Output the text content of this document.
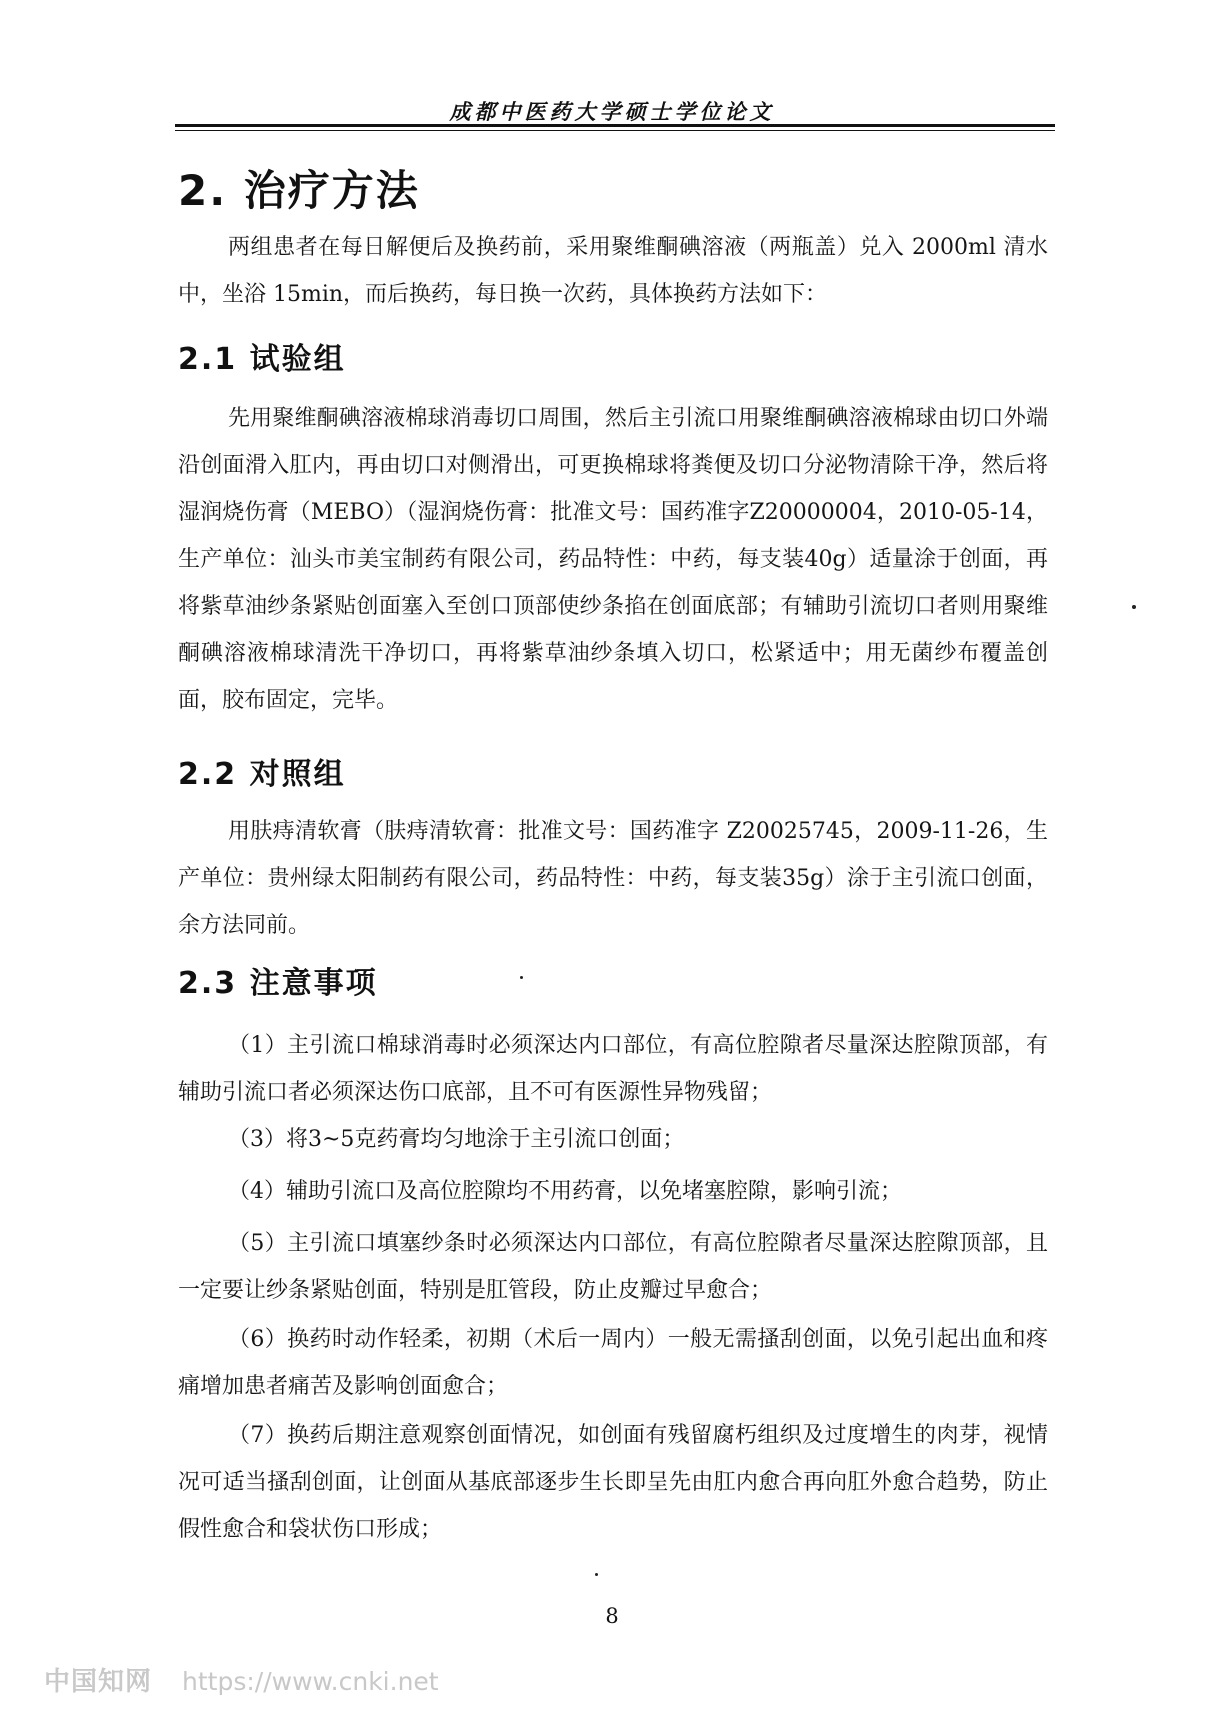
成都中医药大学硕士学位论文
2. 治疗方法

两组患者在每日解便后及换药前，采用聚维酮碘溶液（两瓶盖）兑入 2000ml 清水中，坐浴 15min，而后换药，每日换一次药，具体换药方法如下：

2.1 试验组

先用聚维酮碘溶液棉球消毒切口周围，然后主引流口用聚维酮碘溶液棉球由切口外端沿创面滑入肛内，再由切口对侧滑出，可更换棉球将粪便及切口分泌物清除干净，然后将湿润烧伤膏（MEBO）（湿润烧伤膏：批准文号：国药准字Z20000004，2010-05-14，生产单位：汕头市美宝制药有限公司，药品特性：中药，每支装40g）适量涂于创面，再将紫草油纱条紧贴创面塞入至创口顶部使纱条掐在创面底部；有辅助引流切口者则用聚维酮碘溶液棉球清洗干净切口，再将紫草油纱条填入切口，松紧适中；用无菌纱布覆盖创面，胶布固定，完毕。

2.2 对照组

用肤痔清软膏（肤痔清软膏：批准文号：国药准字 Z20025745，2009-11-26，生产单位：贵州绿太阳制药有限公司，药品特性：中药，每支装35g）涂于主引流口创面，余方法同前。

2.3 注意事项

（1）主引流口棉球消毒时必须深达内口部位，有高位腔隙者尽量深达腔隙顶部，有辅助引流口者必须深达伤口底部，且不可有医源性异物残留；

（3）将3~5克药膏均匀地涂于主引流口创面；

（4）辅助引流口及高位腔隙均不用药膏，以免堵塞腔隙，影响引流；

（5）主引流口填塞纱条时必须深达内口部位，有高位腔隙者尽量深达腔隙顶部，且一定要让纱条紧贴创面，特别是肛管段，防止皮瓣过早愈合；

（6）换药时动作轻柔，初期（术后一周内）一般无需搔刮创面，以免引起出血和疼痛增加患者痛苦及影响创面愈合；

（7）换药后期注意观察创面情况，如创面有残留腐朽组织及过度增生的肉芽，视情况可适当搔刮创面，让创面从基底部逐步生长即呈先由肛内愈合再向肛外愈合趋势，防止假性愈合和袋状伤口形成；

8
中国知网 https://www.cnki.net
